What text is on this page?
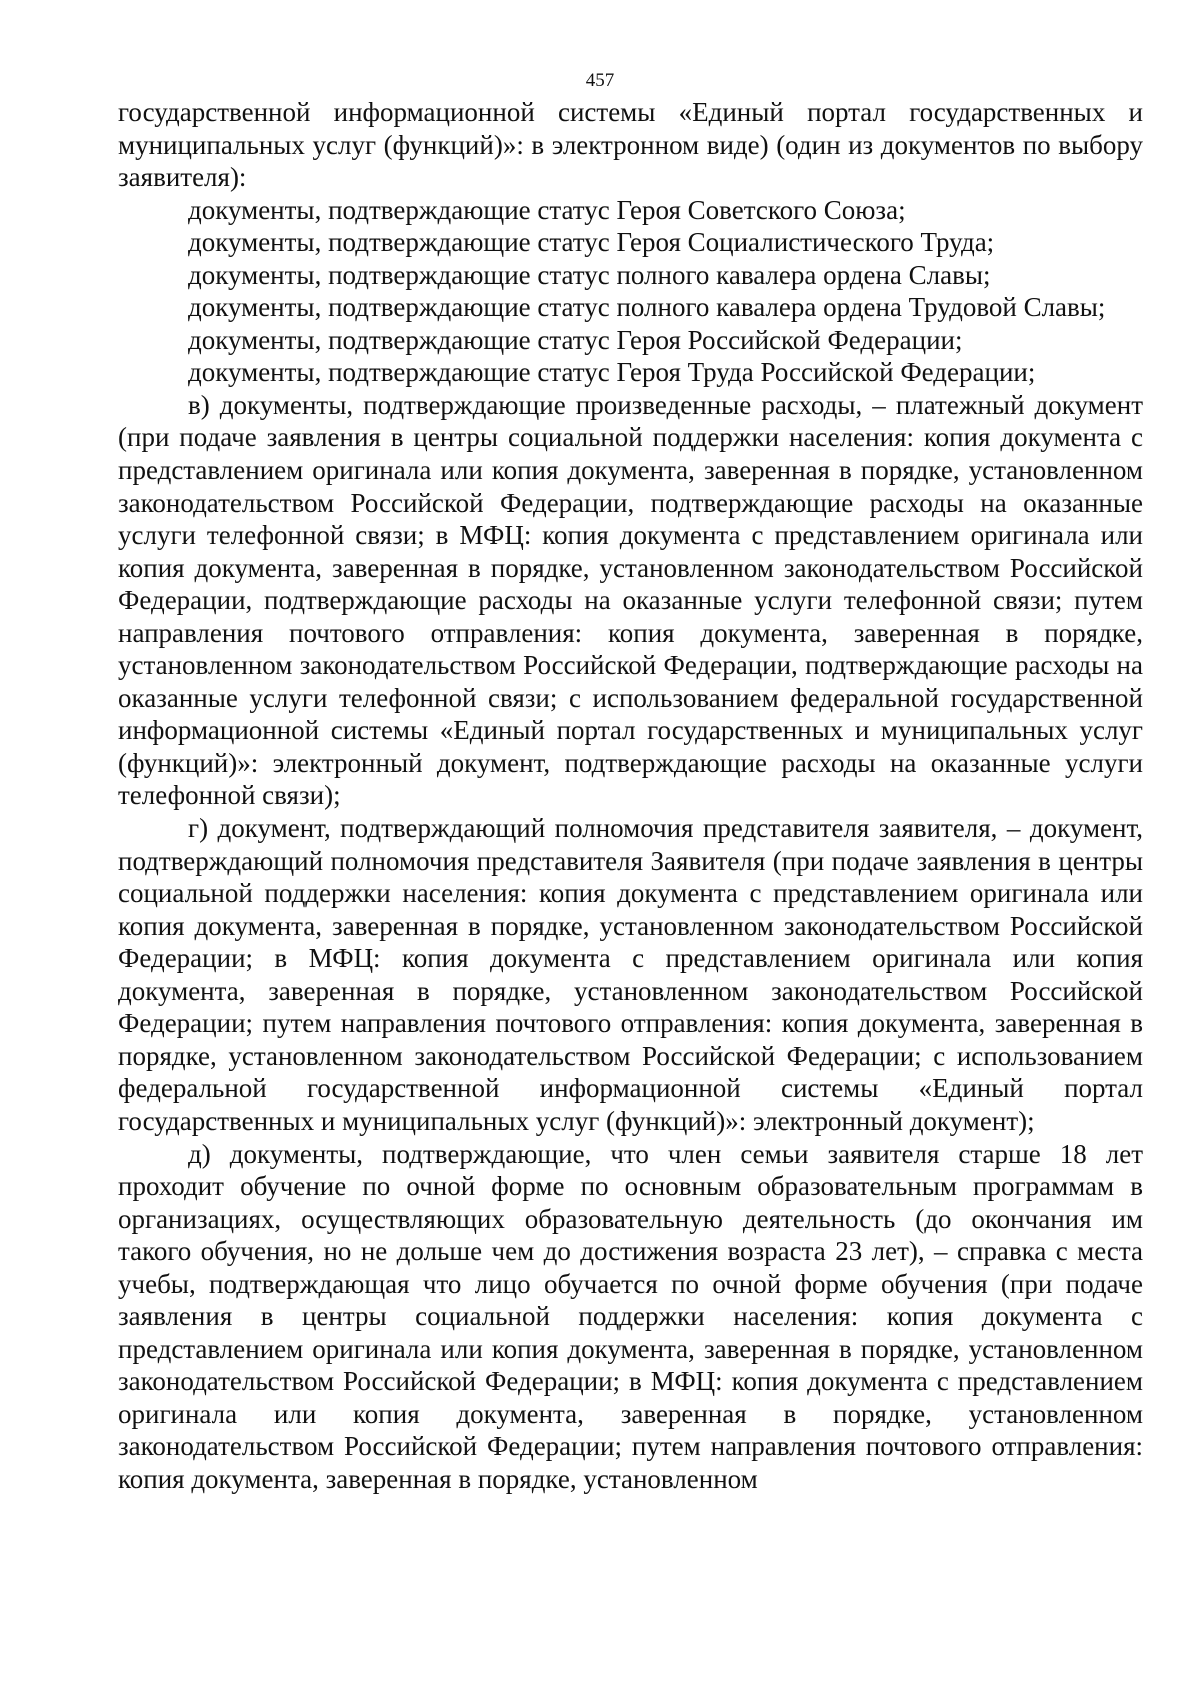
457

государственной информационной системы «Единый портал государственных и муниципальных услуг (функций)»: в электронном виде) (один из документов по выбору заявителя):

документы, подтверждающие статус Героя Советского Союза;

документы, подтверждающие статус Героя Социалистического Труда;

документы, подтверждающие статус полного кавалера ордена Славы;

документы, подтверждающие статус полного кавалера ордена Трудовой Славы;

документы, подтверждающие статус Героя Российской Федерации;

документы, подтверждающие статус Героя Труда Российской Федерации;

в) документы, подтверждающие произведенные расходы, – платежный документ (при подаче заявления в центры социальной поддержки населения: копия документа с представлением оригинала или копия документа, заверенная в порядке, установленном законодательством Российской Федерации, подтверждающие расходы на оказанные услуги телефонной связи; в МФЦ: копия документа с представлением оригинала или копия документа, заверенная в порядке, установленном законодательством Российской Федерации, подтверждающие расходы на оказанные услуги телефонной связи; путем направления почтового отправления: копия документа, заверенная в порядке, установленном законодательством Российской Федерации, подтверждающие расходы на оказанные услуги телефонной связи; с использованием федеральной государственной информационной системы «Единый портал государственных и муниципальных услуг (функций)»: электронный документ, подтверждающие расходы на оказанные услуги телефонной связи);

г) документ, подтверждающий полномочия представителя заявителя, – документ, подтверждающий полномочия представителя Заявителя (при подаче заявления в центры социальной поддержки населения: копия документа с представлением оригинала или копия документа, заверенная в порядке, установленном законодательством Российской Федерации; в МФЦ: копия документа с представлением оригинала или копия документа, заверенная в порядке, установленном законодательством Российской Федерации; путем направления почтового отправления: копия документа, заверенная в порядке, установленном законодательством Российской Федерации; с использованием федеральной государственной информационной системы «Единый портал государственных и муниципальных услуг (функций)»: электронный документ);

д) документы, подтверждающие, что член семьи заявителя старше 18 лет проходит обучение по очной форме по основным образовательным программам в организациях, осуществляющих образовательную деятельность (до окончания им такого обучения, но не дольше чем до достижения возраста 23 лет), – справка с места учебы, подтверждающая что лицо обучается по очной форме обучения (при подаче заявления в центры социальной поддержки населения: копия документа с представлением оригинала или копия документа, заверенная в порядке, установленном законодательством Российской Федерации; в МФЦ: копия документа с представлением оригинала или копия документа, заверенная в порядке, установленном законодательством Российской Федерации; путем направления почтового отправления: копия документа, заверенная в порядке, установленном
